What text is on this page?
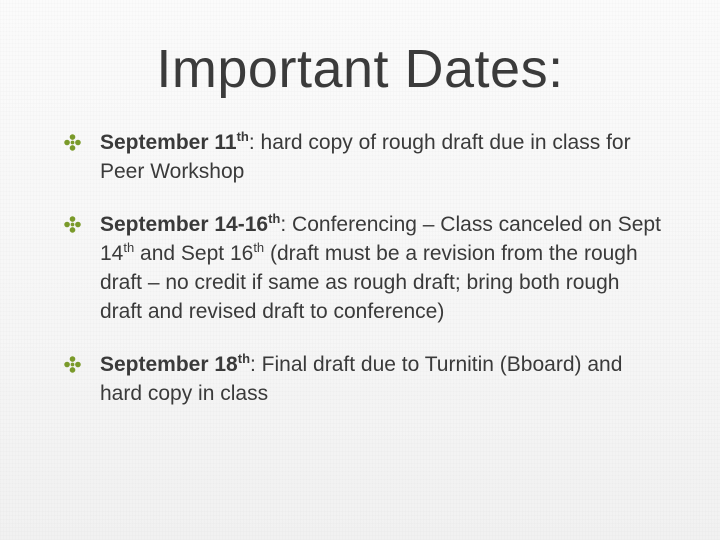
Important Dates:
September 11th: hard copy of rough draft due in class for Peer Workshop
September 14-16th: Conferencing – Class canceled on Sept 14th and Sept 16th (draft must be a revision from the rough draft – no credit if same as rough draft; bring both rough draft and revised draft to conference)
September 18th: Final draft due to Turnitin (Bboard) and hard copy in class
